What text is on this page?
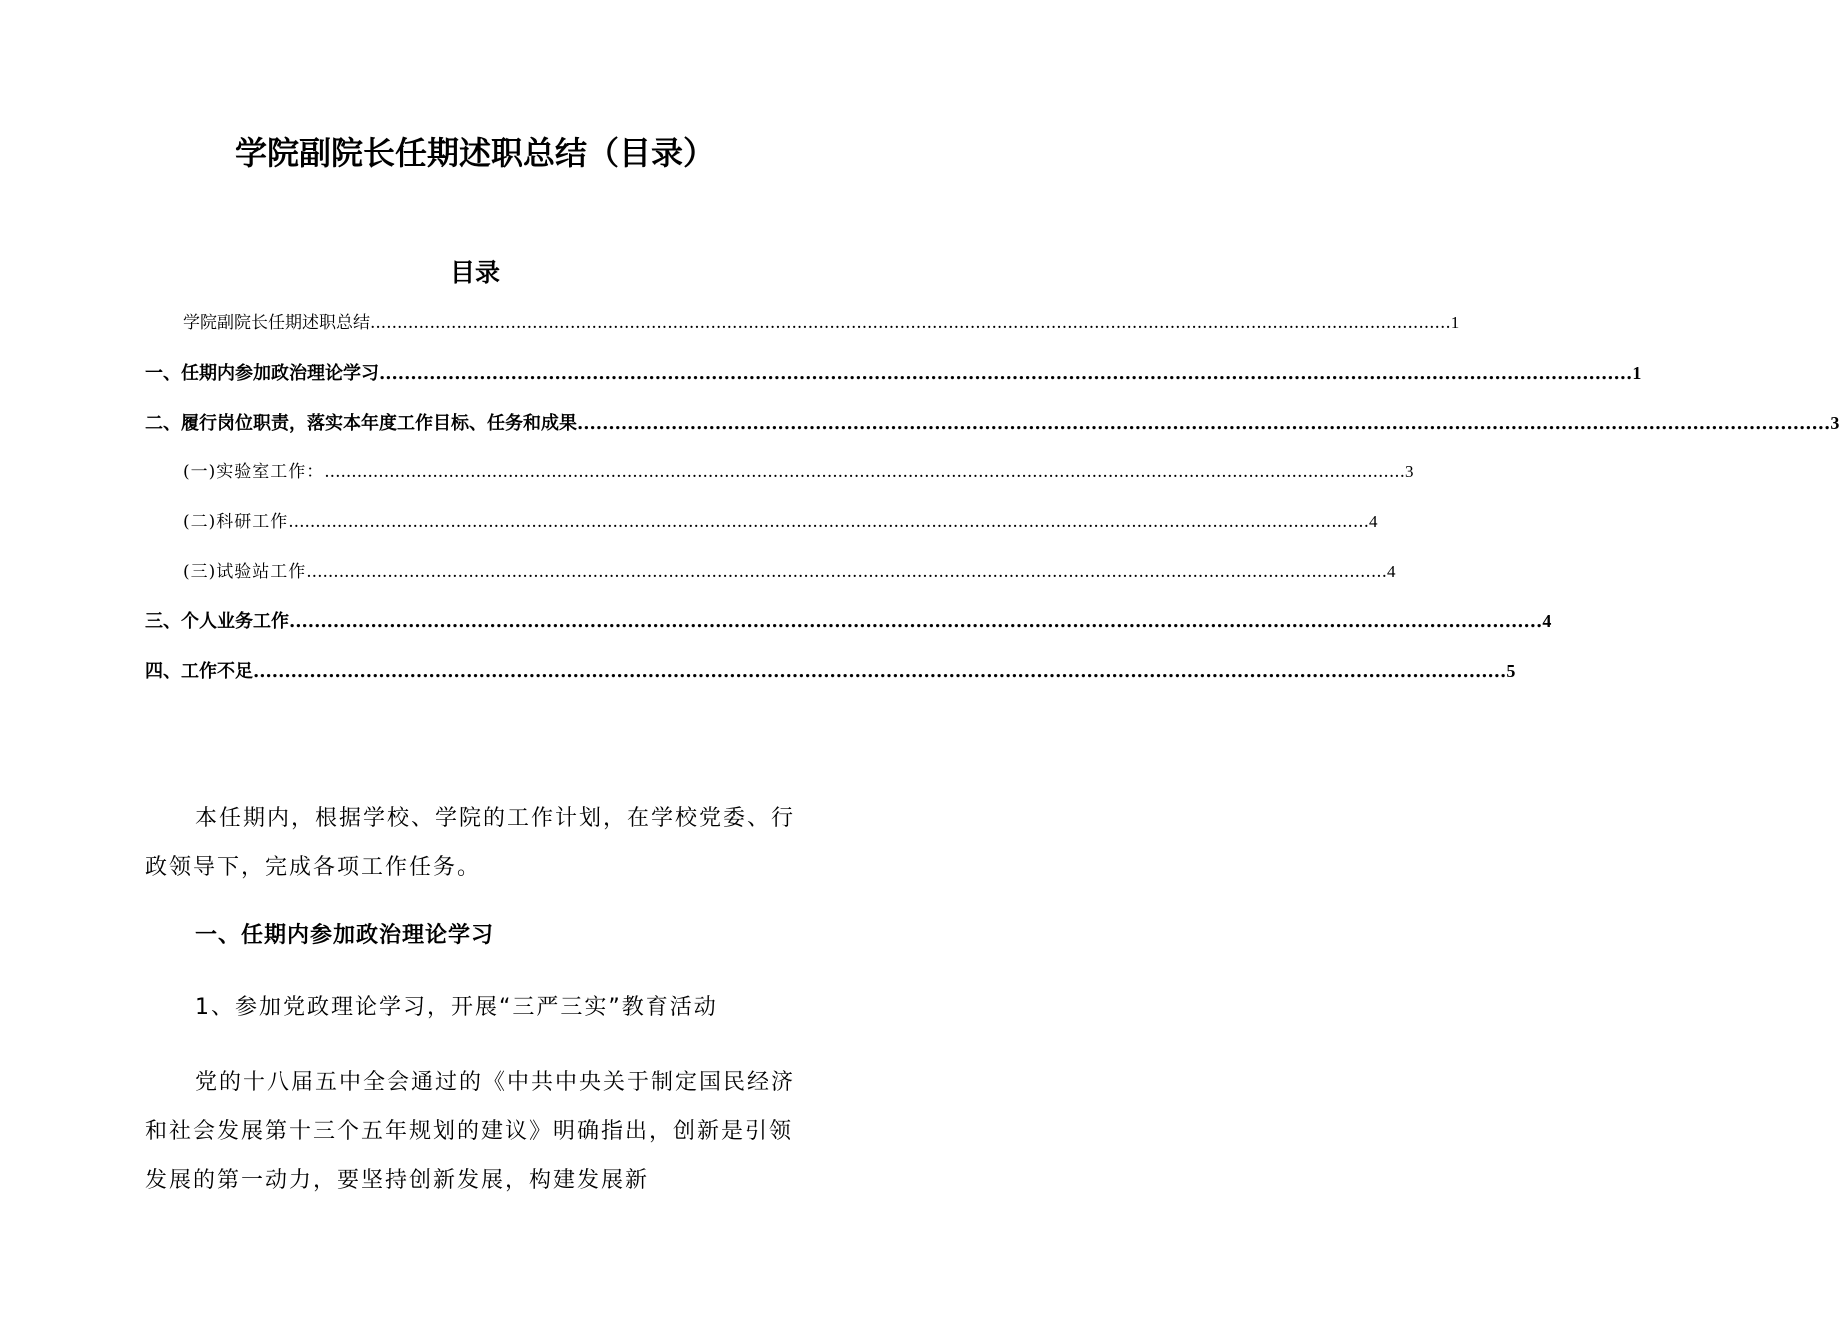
学院副院长任期述职总结（目录）
目录
学院副院长任期述职总结 ........................................................................................................................................................................................................ 1
一、任期内参加政治理论学习 ........................................................................................................................................................................................................ 1
二、履行岗位职责，落实本年度工作目标、任务和成果 ........................................................................................................................................................................................................ 3
(一)实验室工作： ........................................................................................................................................................................................................ 3
(二)科研工作 ........................................................................................................................................................................................................ 4
(三)试验站工作 ........................................................................................................................................................................................................ 4
三、个人业务工作 ........................................................................................................................................................................................................ 4
四、工作不足 ........................................................................................................................................................................................................ 5
本任期内，根据学校、学院的工作计划，在学校党委、行政领导下，完成各项工作任务。
一、任期内参加政治理论学习
1、参加党政理论学习，开展“三严三实”教育活动
党的十八届五中全会通过的《中共中央关于制定国民经济和社会发展第十三个五年规划的建议》明确指出，创新是引领发展的第一动力，要坚持创新发展，构建发展新
